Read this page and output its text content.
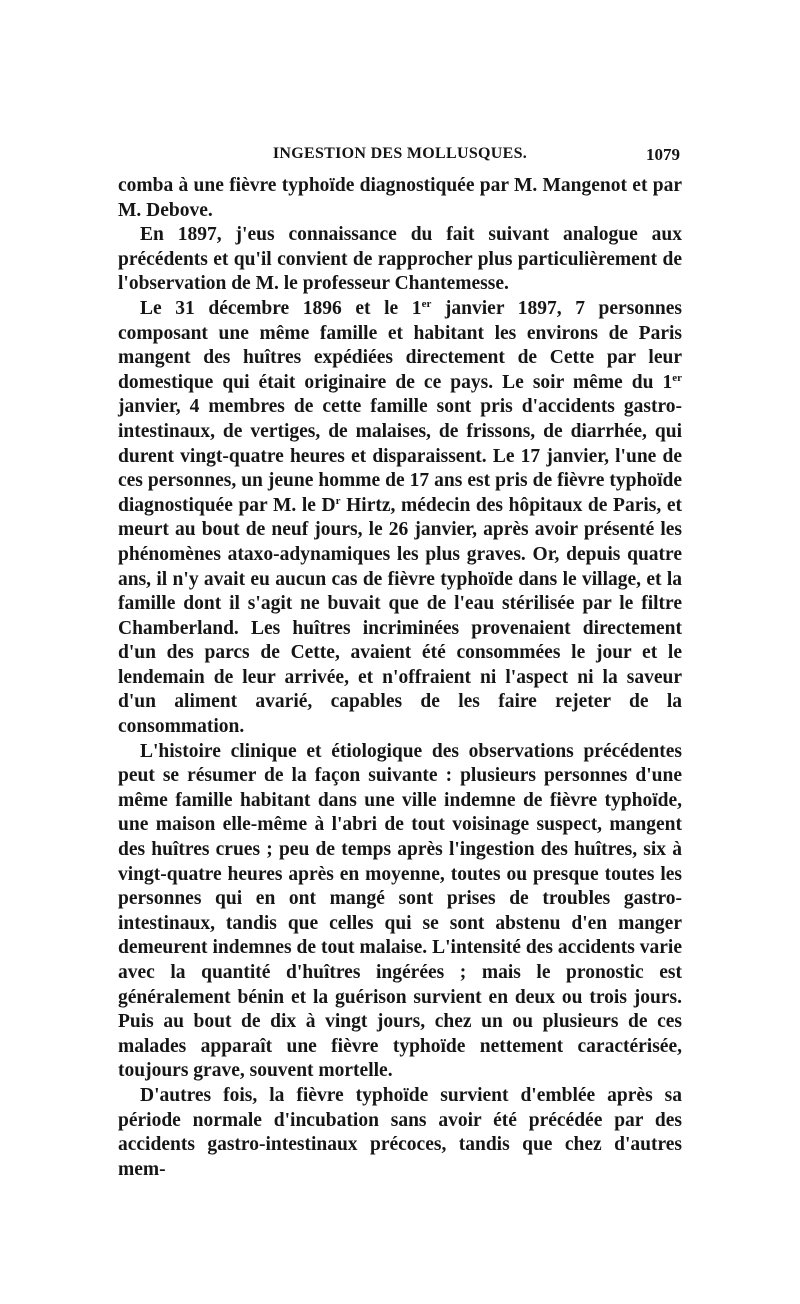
INGESTION DES MOLLUSQUES.	1079

comba à une fièvre typhoïde diagnostiquée par M. Mangenot et par M. Debove.

En 1897, j'eus connaissance du fait suivant analogue aux précédents et qu'il convient de rapprocher plus particulièrement de l'observation de M. le professeur Chantemesse.

Le 31 décembre 1896 et le 1er janvier 1897, 7 personnes composant une même famille et habitant les environs de Paris mangent des huîtres expédiées directement de Cette par leur domestique qui était originaire de ce pays. Le soir même du 1er janvier, 4 membres de cette famille sont pris d'accidents gastro-intestinaux, de vertiges, de malaises, de frissons, de diarrhée, qui durent vingt-quatre heures et disparaissent. Le 17 janvier, l'une de ces personnes, un jeune homme de 17 ans est pris de fièvre typhoïde diagnostiquée par M. le $D^r$ Hirtz, médecin des hôpitaux de Paris, et meurt au bout de neuf jours, le 26 janvier, après avoir présenté les phénomènes ataxo-adynamiques les plus graves. Or, depuis quatre ans, il n'y avait eu aucun cas de fièvre typhoïde dans le village, et la famille dont il s'agit ne buvait que de l'eau stérilisée par le filtre Chamberland. Les huîtres incriminées provenaient directement d'un des parcs de Cette, avaient été consommées le jour et le lendemain de leur arrivée, et n'offraient ni l'aspect ni la saveur d'un aliment avarié, capables de les faire rejeter de la consommation.

L'histoire clinique et étiologique des observations précédentes peut se résumer de la façon suivante : plusieurs personnes d'une même famille habitant dans une ville indemne de fièvre typhoïde, une maison elle-même à l'abri de tout voisinage suspect, mangent des huîtres crues ; peu de temps après l'ingestion des huîtres, six à vingt-quatre heures après en moyenne, toutes ou presque toutes les personnes qui en ont mangé sont prises de troubles gastro-intestinaux, tandis que celles qui se sont abstenu d'en manger demeurent indemnes de tout malaise. L'intensité des accidents varie avec la quantité d'huîtres ingérées ; mais le pronostic est généralement bénin et la guérison survient en deux ou trois jours. Puis au bout de dix à vingt jours, chez un ou plusieurs de ces malades apparaît une fièvre typhoïde nettement caractérisée, toujours grave, souvent mortelle.

D'autres fois, la fièvre typhoïde survient d'emblée après sa période normale d'incubation sans avoir été précédée par des accidents gastro-intestinaux précoces, tandis que chez d'autres mem-
